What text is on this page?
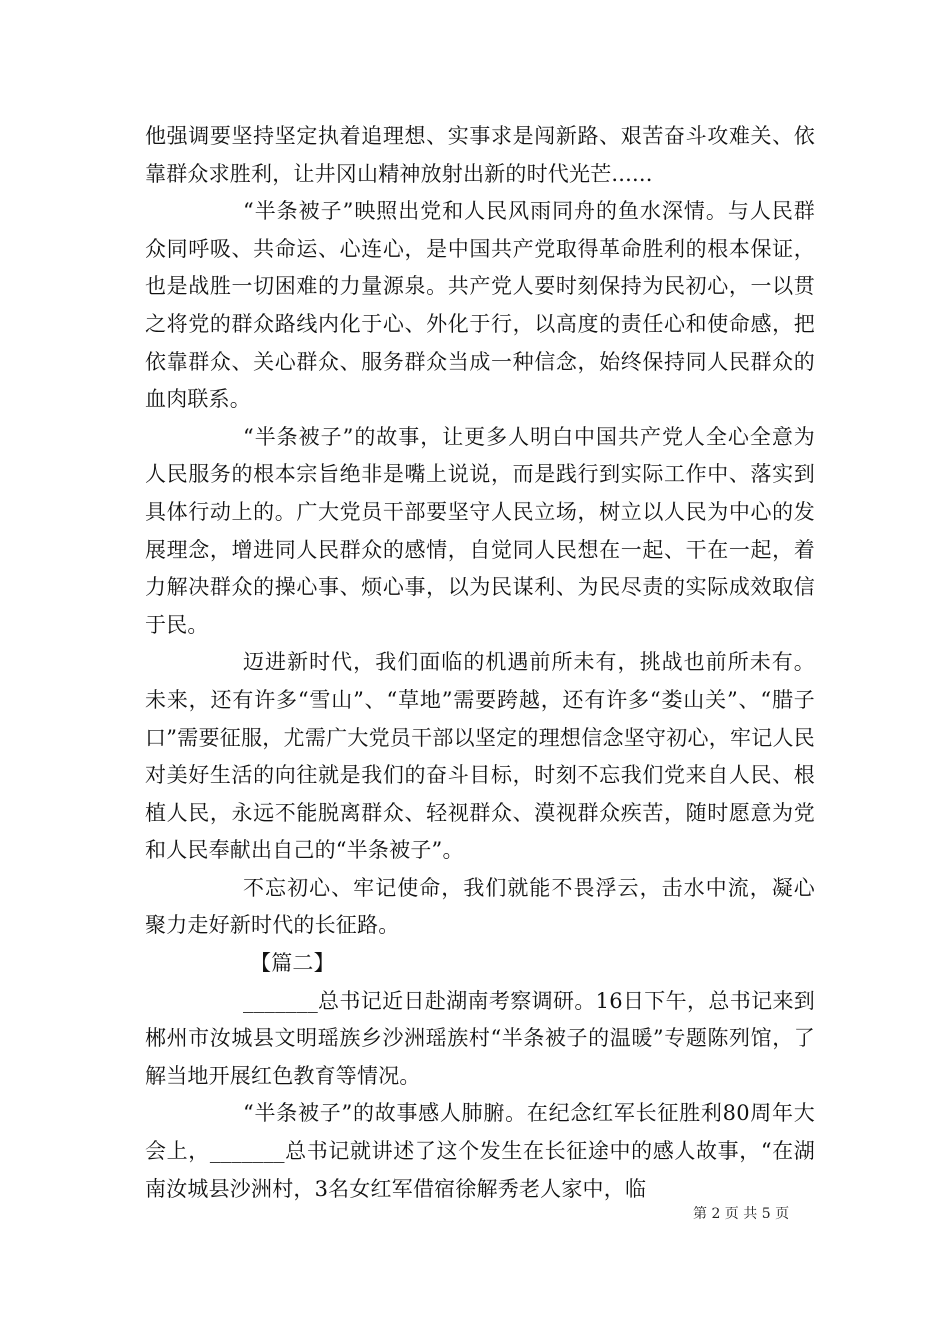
他强调要坚持坚定执着追理想、实事求是闯新路、艰苦奋斗攻难关、依靠群众求胜利，让井冈山精神放射出新的时代光芒......

“半条被子”映照出党和人民风雨同舟的鱼水深情。与人民群众同呼吸、共命运、心连心，是中国共产党取得革命胜利的根本保证，也是战胜一切困难的力量源泉。共产党人要时刻保持为民初心，一以贯之将党的群众路线内化于心、外化于行，以高度的责任心和使命感，把依靠群众、关心群众、服务群众当成一种信念，始终保持同人民群众的血肉联系。

“半条被子”的故事，让更多人明白中国共产党人全心全意为人民服务的根本宗旨绝非是嘴上说说，而是践行到实际工作中、落实到具体行动上的。广大党员干部要坚守人民立场，树立以人民为中心的发展理念，增进同人民群众的感情，自觉同人民想在一起、干在一起，着力解决群众的操心事、烦心事，以为民谋利、为民尽责的实际成效取信于民。

迈进新时代，我们面临的机遇前所未有，挑战也前所未有。未来，还有许多“雪山”、“草地”需要跨越，还有许多“娄山关”、“腊子口”需要征服，尤需广大党员干部以坚定的理想信念坚守初心，牢记人民对美好生活的向往就是我们的奋斗目标，时刻不忘我们党来自人民、根植人民，永远不能脱离群众、轻视群众、漠视群众疾苦，随时愿意为党和人民奉献出自己的“半条被子”。

不忘初心、牢记使命，我们就能不畏浮云，击水中流，凝心聚力走好新时代的长征路。

【篇二】

_______总书记近日赴湖南考察调研。16日下午，总书记来到郴州市汝城县文明瑶族乡沙洲瑶族村“半条被子的温暖”专题陈列馆，了解当地开展红色教育等情况。

“半条被子”的故事感人肺腑。在纪念红军长征胜利80周年大会上，_______总书记就讲述了这个发生在长征途中的感人故事，“在湖南汝城县沙洲村，3名女红军借宿徐解秀老人家中，临

第 2 页 共 5 页
